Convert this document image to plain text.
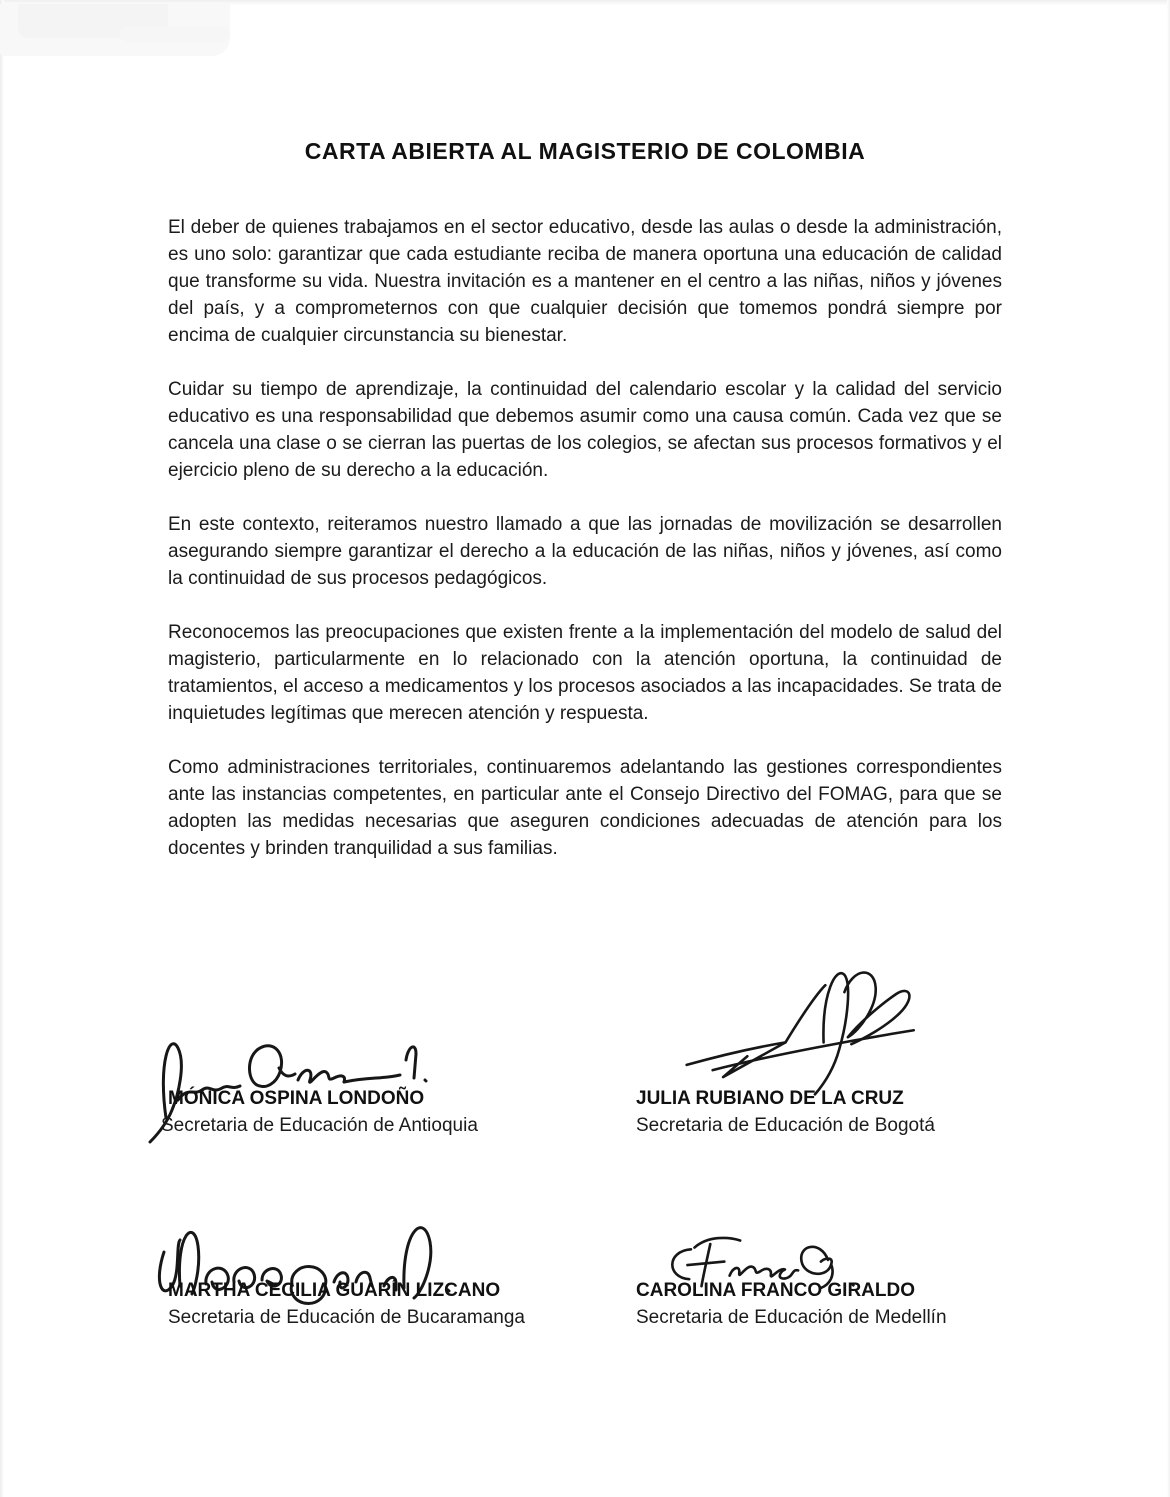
CARTA ABIERTA AL MAGISTERIO DE COLOMBIA

El deber de quienes trabajamos en el sector educativo, desde las aulas o desde la administración, es uno solo: garantizar que cada estudiante reciba de manera oportuna una educación de calidad que transforme su vida. Nuestra invitación es a mantener en el centro a las niñas, niños y jóvenes del país, y a comprometernos con que cualquier decisión que tomemos pondrá siempre por encima de cualquier circunstancia su bienestar.

Cuidar su tiempo de aprendizaje, la continuidad del calendario escolar y la calidad del servicio educativo es una responsabilidad que debemos asumir como una causa común. Cada vez que se cancela una clase o se cierran las puertas de los colegios, se afectan sus procesos formativos y el ejercicio pleno de su derecho a la educación.

En este contexto, reiteramos nuestro llamado a que las jornadas de movilización se desarrollen asegurando siempre garantizar el derecho a la educación de las niñas, niños y jóvenes, así como la continuidad de sus procesos pedagógicos.

Reconocemos las preocupaciones que existen frente a la implementación del modelo de salud del magisterio, particularmente en lo relacionado con la atención oportuna, la continuidad de tratamientos, el acceso a medicamentos y los procesos asociados a las incapacidades. Se trata de inquietudes legítimas que merecen atención y respuesta.

Como administraciones territoriales, continuaremos adelantando las gestiones correspondientes ante las instancias competentes, en particular ante el Consejo Directivo del FOMAG, para que se adopten las medidas necesarias que aseguren condiciones adecuadas de atención para los docentes y brinden tranquilidad a sus familias.

MÓNICA OSPINA LONDOÑO
Secretaria de Educación de Antioquia
JULIA RUBIANO DE LA CRUZ
Secretaria de Educación de Bogotá
MARTHA CECILIA GUARÍN LIZCANO
Secretaria de Educación de Bucaramanga
CAROLINA FRANCO GIRALDO
Secretaria de Educación de Medellín
